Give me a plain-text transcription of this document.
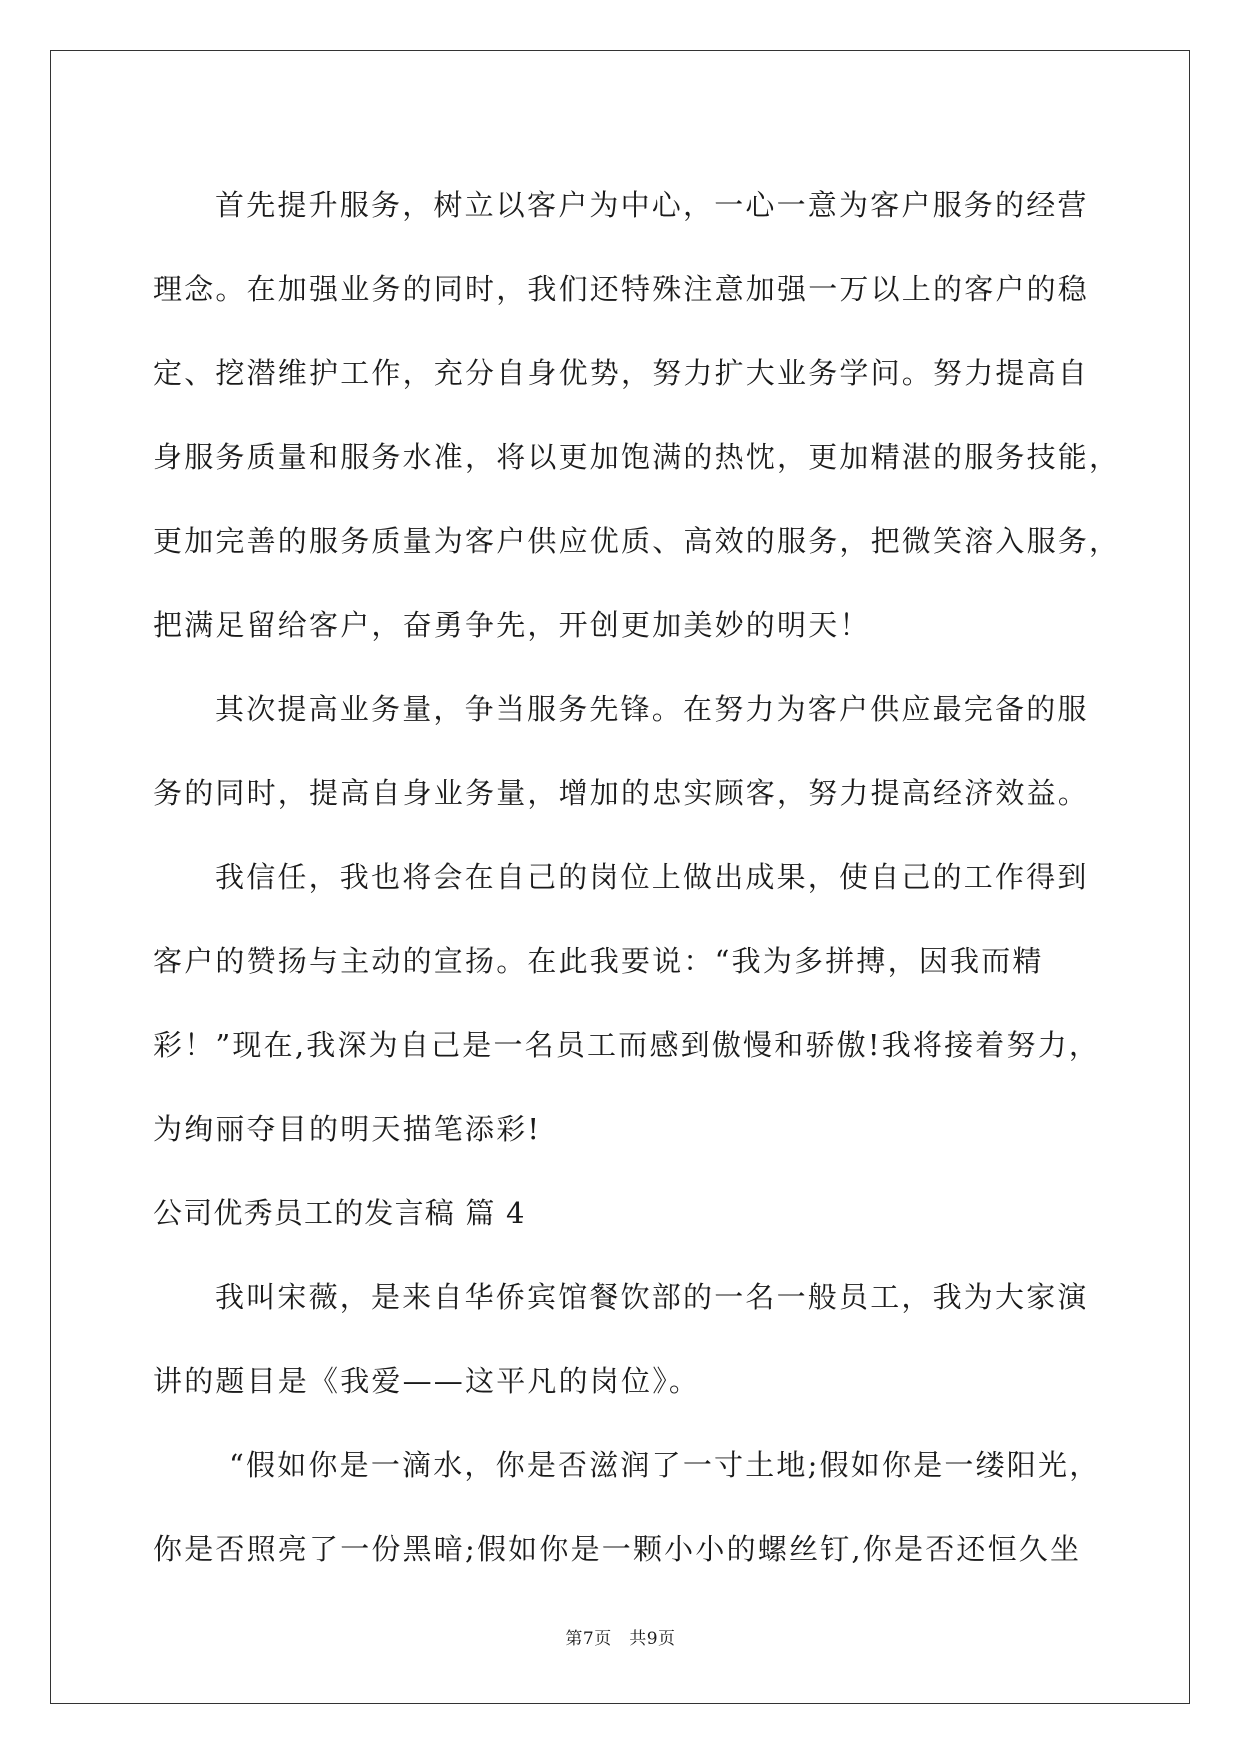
首先提升服务，树立以客户为中心，一心一意为客户服务的经营
理念。在加强业务的同时，我们还特殊注意加强一万以上的客户的稳
定、挖潜维护工作，充分自身优势，努力扩大业务学问。努力提高自
身服务质量和服务水准，将以更加饱满的热忱，更加精湛的服务技能，
更加完善的服务质量为客户供应优质、高效的服务，把微笑溶入服务，
把满足留给客户，奋勇争先，开创更加美妙的明天！
其次提高业务量，争当服务先锋。在努力为客户供应最完备的服
务的同时，提高自身业务量，增加的忠实顾客，努力提高经济效益。
我信任，我也将会在自己的岗位上做出成果，使自己的工作得到
客户的赞扬与主动的宣扬。在此我要说：“我为多拼搏，因我而精
彩！”现在,我深为自己是一名员工而感到傲慢和骄傲!我将接着努力，
为绚丽夺目的明天描笔添彩!
公司优秀员工的发言稿 篇 4
我叫宋薇，是来自华侨宾馆餐饮部的一名一般员工，我为大家演
讲的题目是《我爱——这平凡的岗位》。
“假如你是一滴水，你是否滋润了一寸土地;假如你是一缕阳光，
你是否照亮了一份黑暗;假如你是一颗小小的螺丝钉,你是否还恒久坐
第7页　共9页
